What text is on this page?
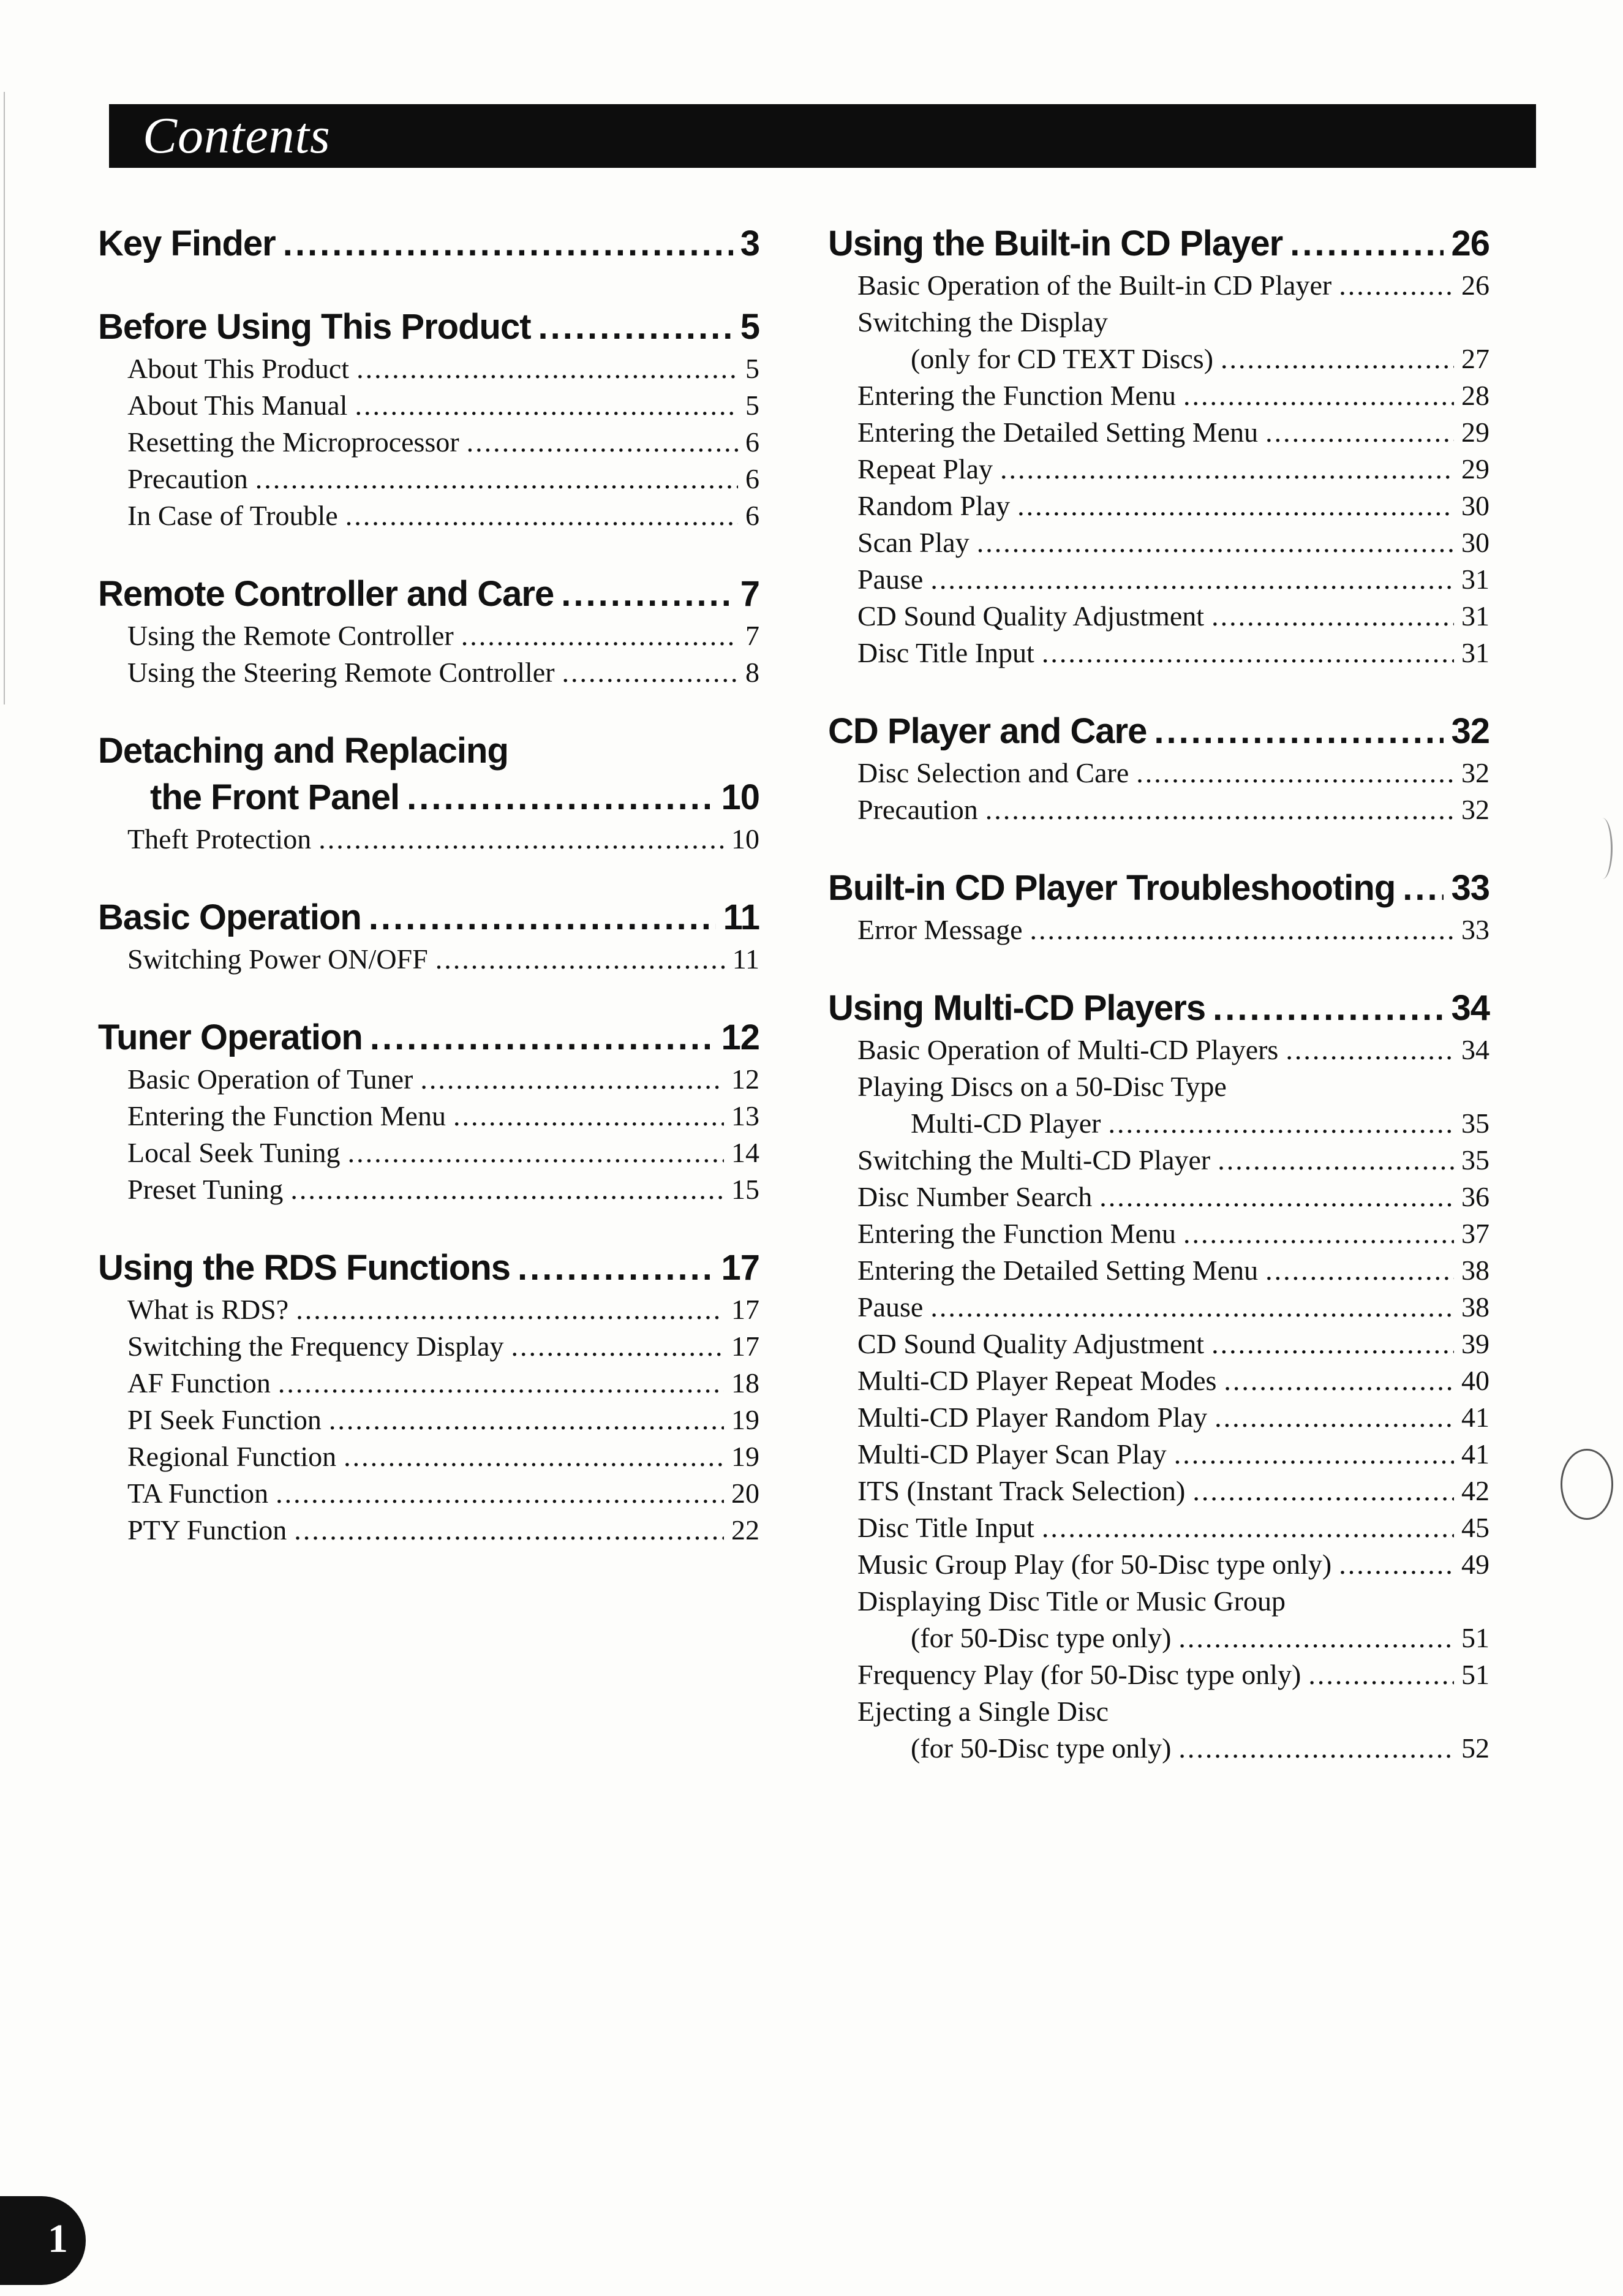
Contents
Key Finder .....	3
Before Using This Product .....	5
About This Product .....	5
About This Manual .....	5
Resetting the Microprocessor .....	6
Precaution .....	6
In Case of Trouble .....	6
Remote Controller and Care .....	7
Using the Remote Controller .....	7
Using the Steering Remote Controller .....	8
Detaching and Replacing
the Front Panel .....	10
Theft Protection .....	10
Basic Operation .....	11
Switching Power ON/OFF .....	11
Tuner Operation .....	12
Basic Operation of Tuner .....	12
Entering the Function Menu .....	13
Local Seek Tuning .....	14
Preset Tuning .....	15
Using the RDS Functions .....	17
What is RDS? .....	17
Switching the Frequency Display .....	17
AF Function .....	18
PI Seek Function .....	19
Regional Function .....	19
TA Function .....	20
PTY Function .....	22
Using the Built-in CD Player .....	26
Basic Operation of the Built-in CD Player .....	26
Switching the Display
(only for CD TEXT Discs) .....	27
Entering the Function Menu .....	28
Entering the Detailed Setting Menu .....	29
Repeat Play .....	29
Random Play .....	30
Scan Play .....	30
Pause .....	31
CD Sound Quality Adjustment .....	31
Disc Title Input .....	31
CD Player and Care .....	32
Disc Selection and Care .....	32
Precaution .....	32
Built-in CD Player Troubleshooting ..... 33
Error Message .....	33
Using Multi-CD Players .....	34
Basic Operation of Multi-CD Players .....	34
Playing Discs on a 50-Disc Type
Multi-CD Player .....	35
Switching the Multi-CD Player .....	35
Disc Number Search .....	36
Entering the Function Menu .....	37
Entering the Detailed Setting Menu .....	38
Pause .....	38
CD Sound Quality Adjustment .....	39
Multi-CD Player Repeat Modes .....	40
Multi-CD Player Random Play .....	41
Multi-CD Player Scan Play .....	41
ITS (Instant Track Selection) .....	42
Disc Title Input .....	45
Music Group Play (for 50-Disc type only) .....	49
Displaying Disc Title or Music Group
(for 50-Disc type only) .....	51
Frequency Play (for 50-Disc type only) .....	51
Ejecting a Single Disc
(for 50-Disc type only) .....	52
1
